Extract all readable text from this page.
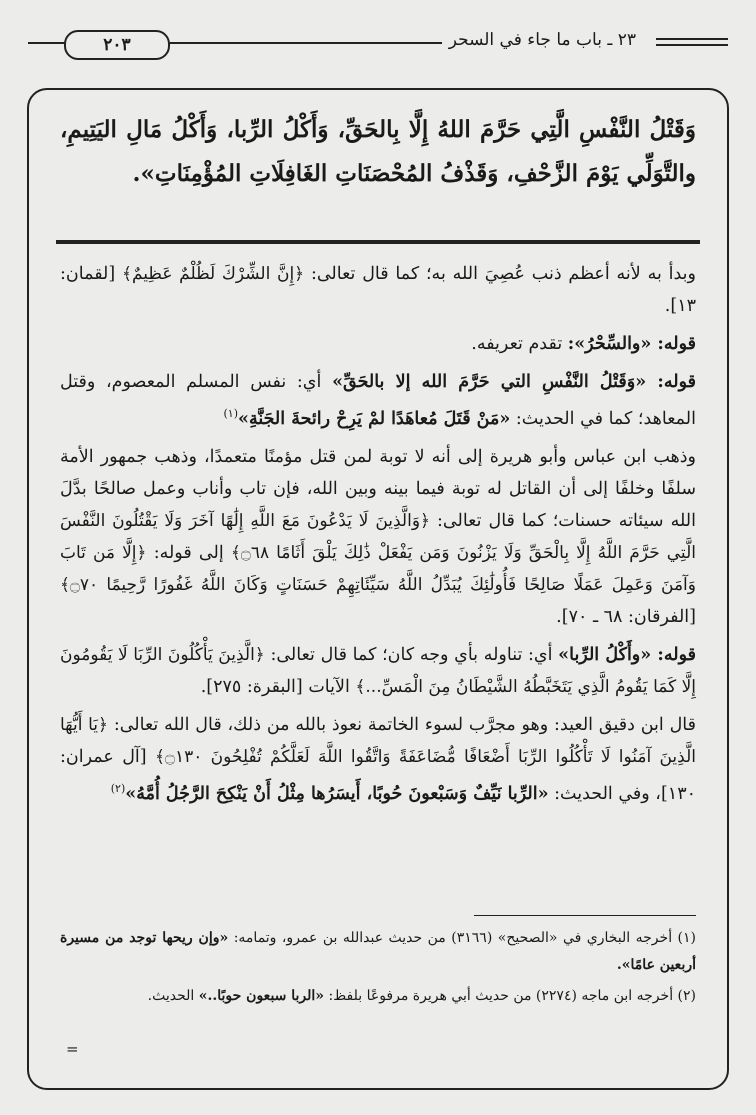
٢٠٣	٢٣ ـ باب ما جاء في السحر
وَقَتْلُ النَّفْسِ الَّتِي حَرَّمَ اللهُ إِلَّا بِالحَقِّ، وَأَكْلُ الرِّبا، وَأَكْلُ مَالِ اليَتِيمِ، والتَّوَلِّي يَوْمَ الزَّحْفِ، وَقَذْفُ المُحْصَنَاتِ الغَافِلَاتِ المُؤْمِنَاتِ».

وبدأ به لأنه أعظم ذنب عُصِيَ الله به؛ كما قال تعالى: ﴿إِنَّ الشِّرْكَ لَظُلْمٌ عَظِيمٌ﴾ [لقمان: ١٣].

قوله: «والسِّحْرُ»: تقدم تعريفه.

قوله: «وَقَتْلُ النَّفْسِ التي حَرَّمَ الله إلا بالحَقِّ» أي: نفس المسلم المعصوم، وقتل المعاهد؛ كما في الحديث: «مَنْ قَتَلَ مُعاهَدًا لمْ يَرِحْ رائحةَ الجَنَّةِ»$^{(١)}$

وذهب ابن عباس وأبو هريرة إلى أنه لا توبة لمن قتل مؤمنًا متعمدًا، وذهب جمهور الأمة سلفًا وخلفًا إلى أن القاتل له توبة فيما بينه وبين الله، فإن تاب وأناب وعمل صالحًا بدَّلَ الله سيئاته حسنات؛ كما قال تعالى: ﴿وَالَّذِينَ لَا يَدْعُونَ مَعَ اللَّهِ إِلَٰهًا آخَرَ وَلَا يَقْتُلُونَ النَّفْسَ الَّتِي حَرَّمَ اللَّهُ إِلَّا بِالْحَقِّ وَلَا يَزْنُونَ وَمَن يَفْعَلْ ذَٰلِكَ يَلْقَ أَثَامًا ۝٦٨﴾ إلى قوله: ﴿إِلَّا مَن تَابَ وَآمَنَ وَعَمِلَ عَمَلًا صَالِحًا فَأُولَٰئِكَ يُبَدِّلُ اللَّهُ سَيِّئَاتِهِمْ حَسَنَاتٍ وَكَانَ اللَّهُ غَفُورًا رَّحِيمًا ۝٧٠﴾ [الفرقان: ٦٨ ـ ٧٠].

قوله: «وأَكْلُ الرِّبا» أي: تناوله بأي وجه كان؛ كما قال تعالى: ﴿الَّذِينَ يَأْكُلُونَ الرِّبَا لَا يَقُومُونَ إِلَّا كَمَا يَقُومُ الَّذِي يَتَخَبَّطُهُ الشَّيْطَانُ مِنَ الْمَسِّ...﴾ الآيات [البقرة: ٢٧٥].

قال ابن دقيق العيد: وهو مجرَّب لسوء الخاتمة نعوذ بالله من ذلك، قال الله تعالى: ﴿يَا أَيُّهَا الَّذِينَ آمَنُوا لَا تَأْكُلُوا الرِّبَا أَضْعَافًا مُّضَاعَفَةً وَاتَّقُوا اللَّهَ لَعَلَّكُمْ تُفْلِحُونَ ۝١٣٠﴾ [آل عمران: ١٣٠]، وفي الحديث: «الرِّبا نَيِّفٌ وَسَبْعونَ حُوبًا، أَيسَرُها مِثْلُ أَنْ يَنْكِحَ الرَّجُلُ أُمَّهُ»$^{(٢)}$

(١) أخرجه البخاري في «الصحيح» (٣١٦٦) من حديث عبدالله بن عمرو، وتمامه: «وإن ريحها توجد من مسيرة أربعين عامًا».

(٢) أخرجه ابن ماجه (٢٢٧٤) من حديث أبي هريرة مرفوعًا بلفظ: «الربا سبعون حوبًا..» الحديث.

=
